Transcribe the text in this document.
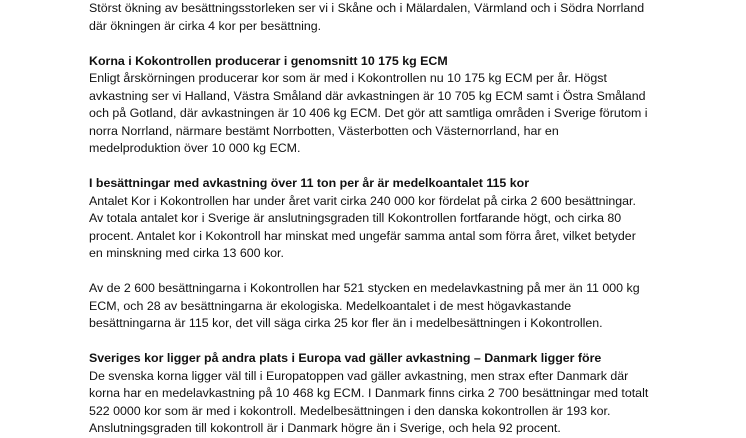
Störst ökning av besättningsstorleken ser vi i Skåne och i Mälardalen, Värmland och i Södra Norrland
där ökningen är cirka 4 kor per besättning.
Korna i Kokontrollen producerar i genomsnitt 10 175 kg ECM
Enligt årskörningen producerar kor som är med i Kokontrollen nu 10 175 kg ECM per år. Högst
avkastning ser vi Halland, Västra Småland där avkastningen är 10 705 kg ECM samt i Östra Småland
och på Gotland, där avkastningen är 10 406 kg ECM. Det gör att samtliga områden i Sverige förutom i
norra Norrland, närmare bestämt Norrbotten, Västerbotten och Västernorrland, har en
medelproduktion över 10 000 kg ECM.
I besättningar med avkastning över 11 ton per år är medelkoantalet 115 kor
Antalet Kor i Kokontrollen har under året varit cirka 240 000 kor fördelat på cirka 2 600 besättningar.
Av totala antalet kor i Sverige är anslutningsgraden till Kokontrollen fortfarande högt, och cirka 80
procent. Antalet kor i Kokontroll har minskat med ungefär samma antal som förra året, vilket betyder
en minskning med cirka 13 600 kor.
Av de 2 600 besättningarna i Kokontrollen har 521 stycken en medelavkastning på mer än 11 000 kg
ECM, och 28 av besättningarna är ekologiska. Medelkoantalet i de mest högavkastande
besättningarna är 115 kor, det vill säga cirka 25 kor fler än i medelbesättningen i Kokontrollen.
Sveriges kor ligger på andra plats i Europa vad gäller avkastning – Danmark ligger före
De svenska korna ligger väl till i Europatoppen vad gäller avkastning, men strax efter Danmark där
korna har en medelavkastning på 10 468 kg ECM. I Danmark finns cirka 2 700 besättningar med totalt
522 0000 kor som är med i kokontroll. Medelbesättningen i den danska kokontrollen är 193 kor.
Anslutningsgraden till kokontroll är i Danmark högre än i Sverige, och hela 92 procent.
